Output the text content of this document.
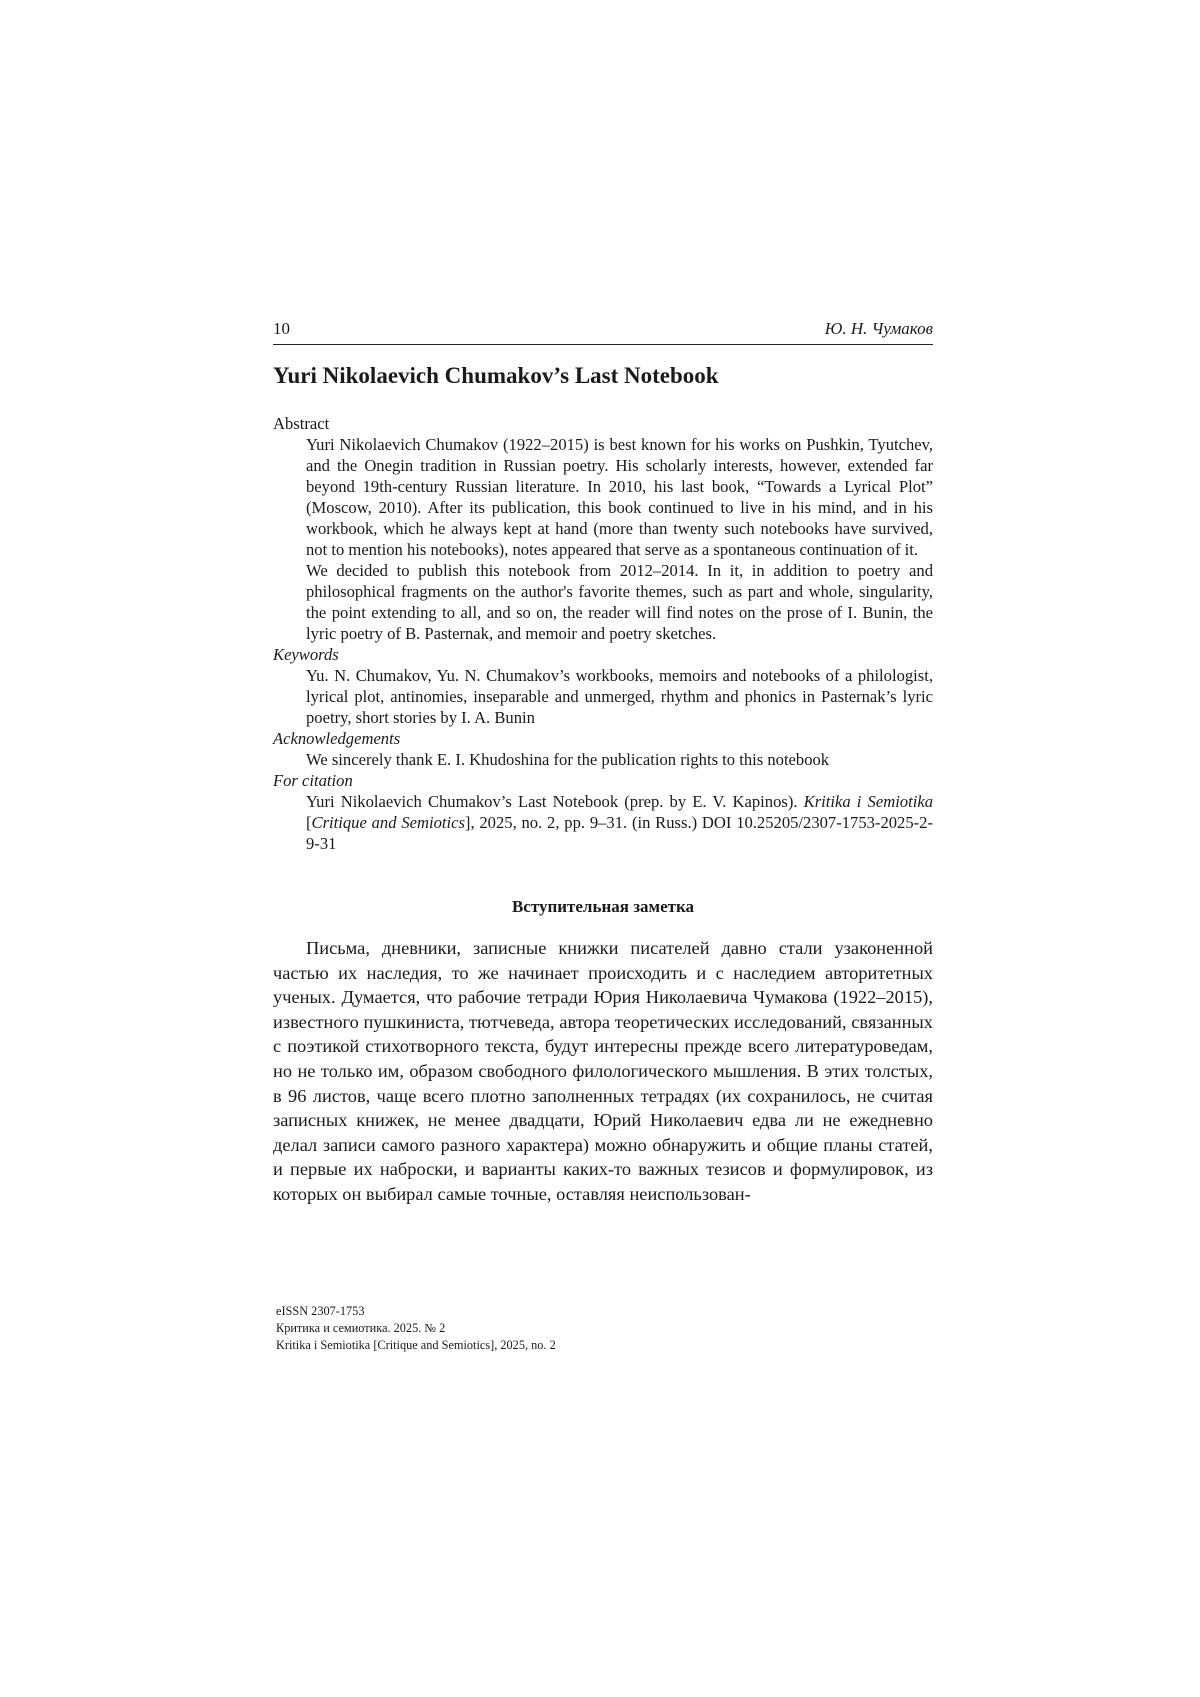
10	Ю. Н. Чумаков
Yuri Nikolaevich Chumakov’s Last Notebook
Abstract

Yuri Nikolaevich Chumakov (1922–2015) is best known for his works on Pushkin, Tyutchev, and the Onegin tradition in Russian poetry. His scholarly interests, however, extended far beyond 19th-century Russian literature. In 2010, his last book, “Towards a Lyrical Plot” (Moscow, 2010). After its publication, this book continued to live in his mind, and in his workbook, which he always kept at hand (more than twenty such notebooks have survived, not to mention his notebooks), notes appeared that serve as a spontaneous continuation of it.

We decided to publish this notebook from 2012–2014. In it, in addition to poetry and philosophical fragments on the author's favorite themes, such as part and whole, singularity, the point extending to all, and so on, the reader will find notes on the prose of I. Bunin, the lyric poetry of B. Pasternak, and memoir and poetry sketches.

Keywords

Yu. N. Chumakov, Yu. N. Chumakov’s workbooks, memoirs and notebooks of a philologist, lyrical plot, antinomies, inseparable and unmerged, rhythm and phonics in Pasternak’s lyric poetry, short stories by I. A. Bunin

Acknowledgements

We sincerely thank E. I. Khudoshina for the publication rights to this notebook

For citation

Yuri Nikolaevich Chumakov’s Last Notebook (prep. by E. V. Kapinos). Kritika i Semiotika [Critique and Semiotics], 2025, no. 2, pp. 9–31. (in Russ.) DOI 10.25205/2307-1753-2025-2-9-31

Вступительная заметка

Письма, дневники, записные книжки писателей давно стали узаконенной частью их наследия, то же начинает происходить и с наследием авторитетных ученых. Думается, что рабочие тетради Юрия Николаевича Чумакова (1922–2015), известного пушкиниста, тютчеведа, автора теоретических исследований, связанных с поэтикой стихотворного текста, будут интересны прежде всего литературоведам, но не только им, образом свободного филологического мышления. В этих толстых, в 96 листов, чаще всего плотно заполненных тетрадях (их сохранилось, не считая записных книжек, не менее двадцати, Юрий Николаевич едва ли не ежедневно делал записи самого разного характера) можно обнаружить и общие планы статей, и первые их наброски, и варианты каких-то важных тезисов и формулировок, из которых он выбирал самые точные, оставляя неиспользован-

eISSN 2307-1753
Критика и семиотика. 2025. № 2
Kritika i Semiotika [Critique and Semiotics], 2025, no. 2
